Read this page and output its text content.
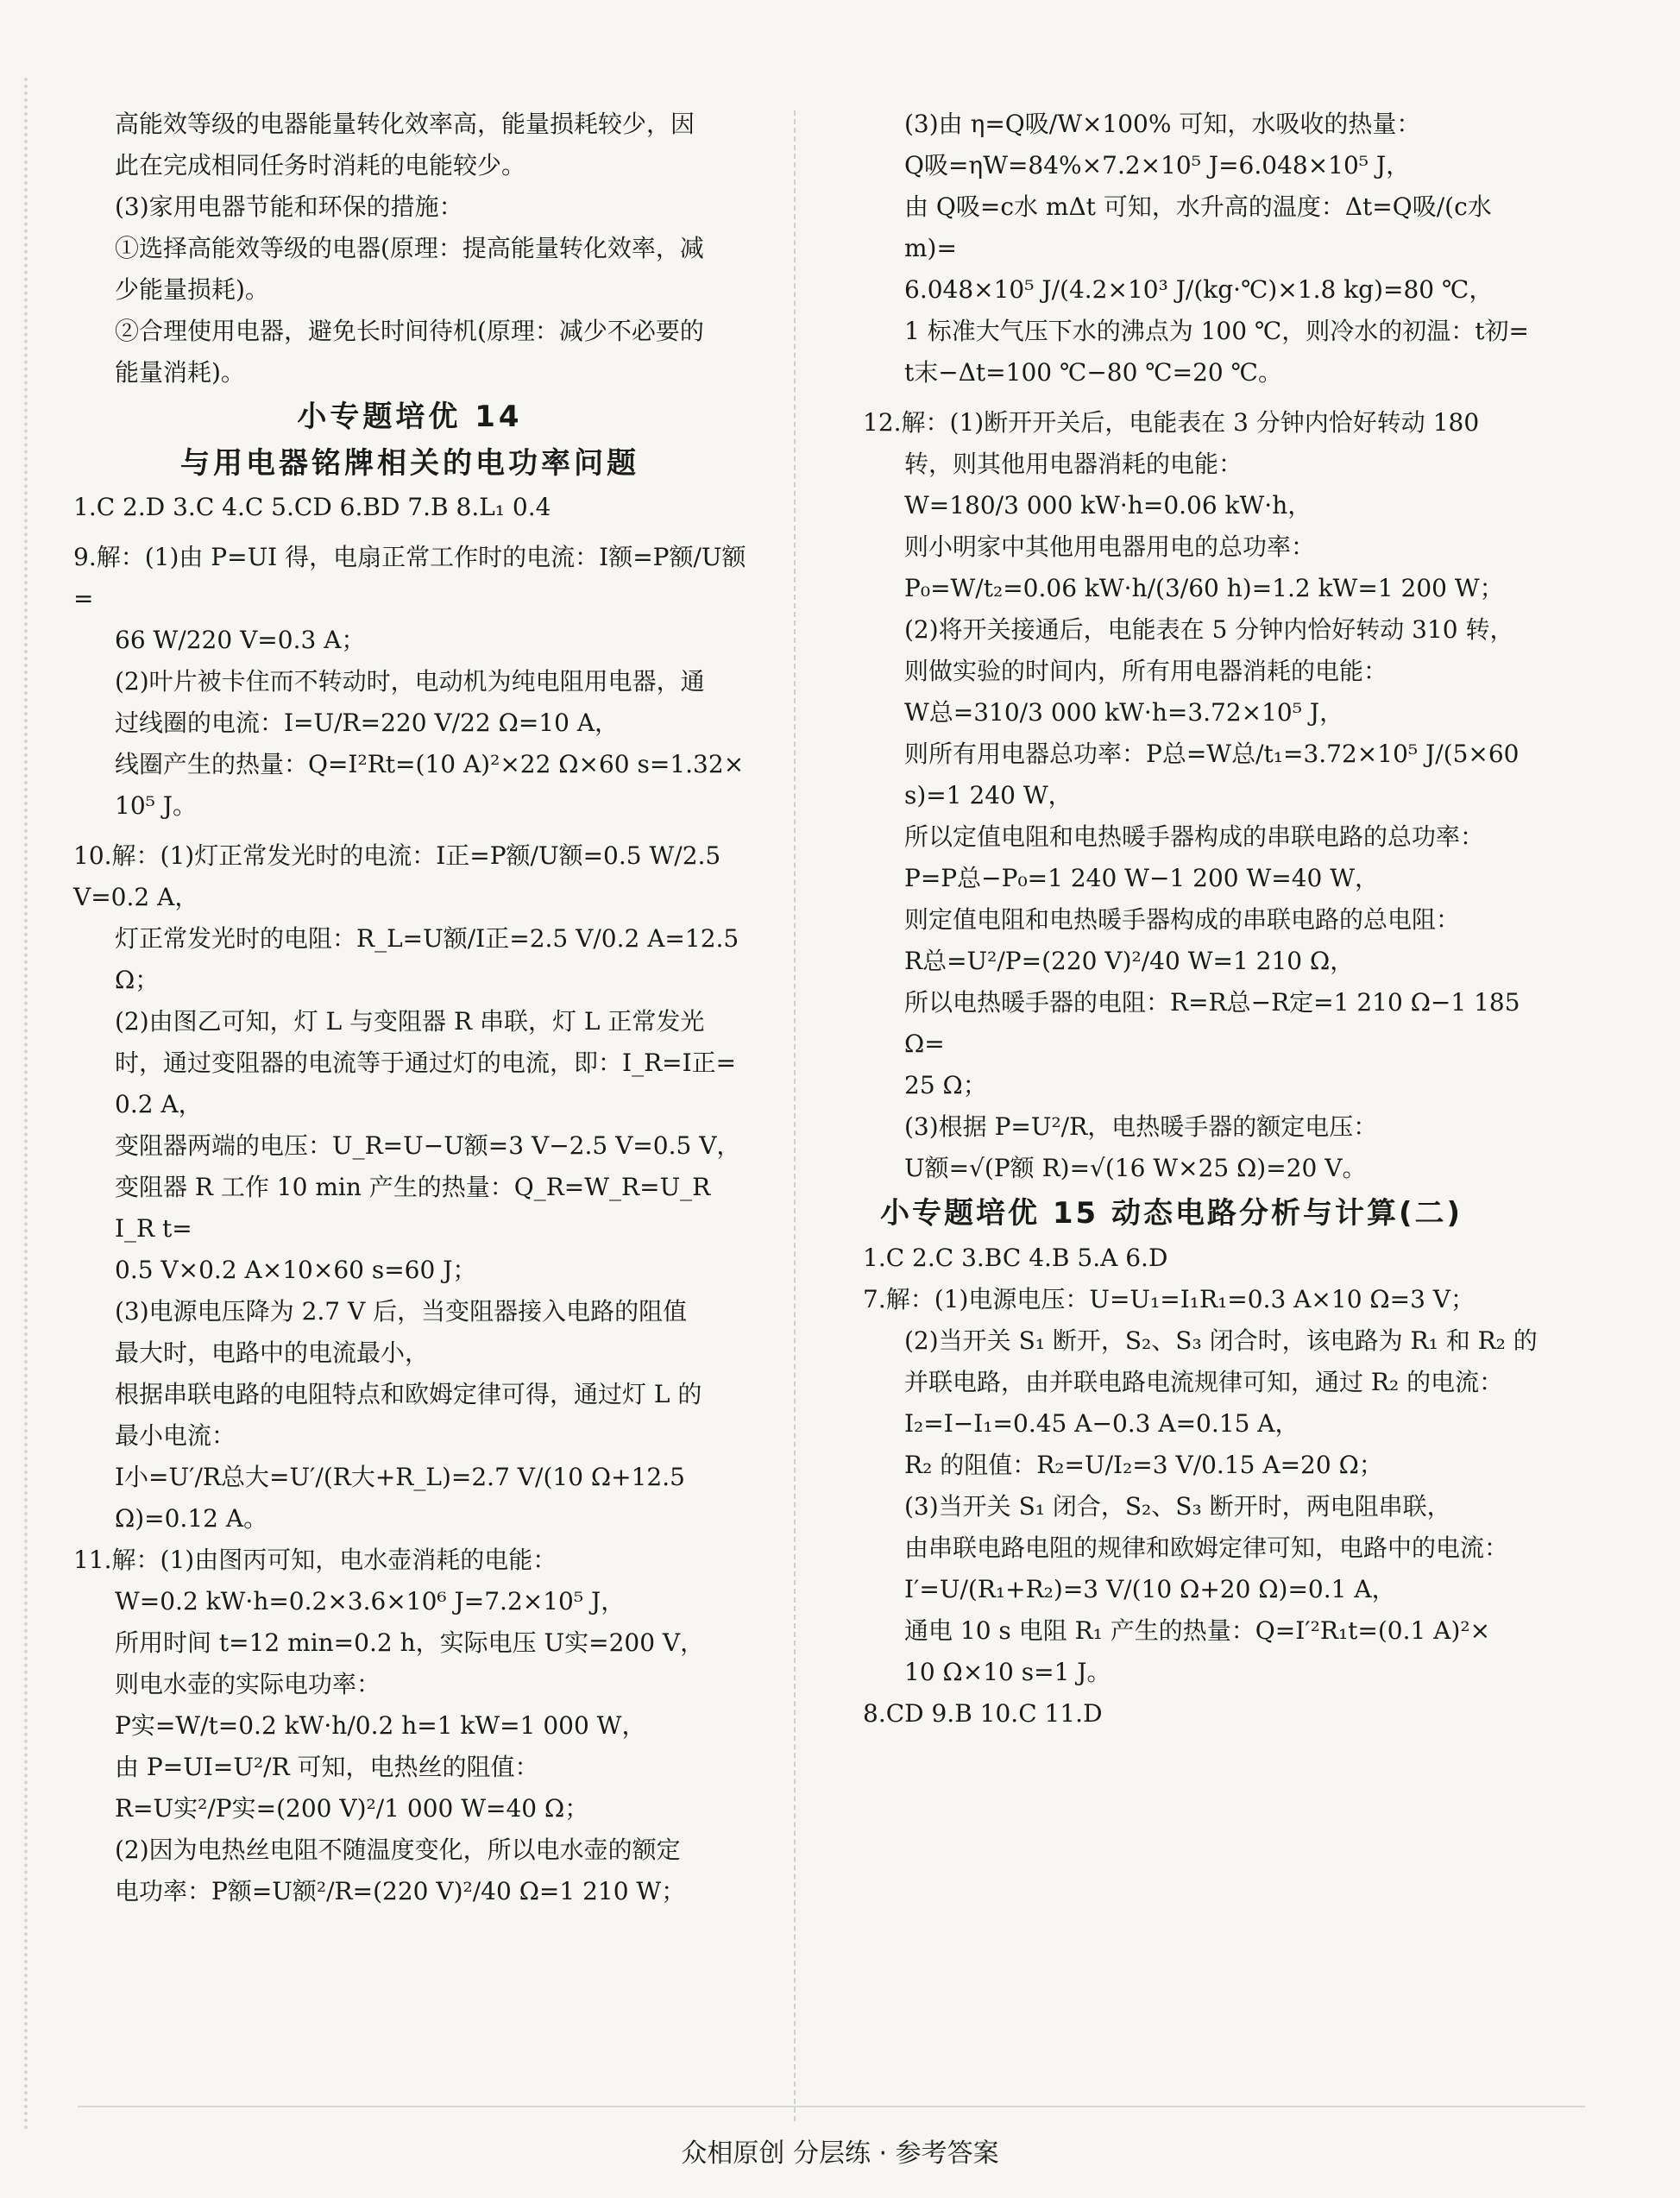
高能效等级的电器能量转化效率高，能量损耗较少，因
此在完成相同任务时消耗的电能较少。
(3)家用电器节能和环保的措施：
①选择高能效等级的电器(原理：提高能量转化效率，减
少能量损耗)。
②合理使用电器，避免长时间待机(原理：减少不必要的
能量消耗)。
小专题培优 14
与用电器铭牌相关的电功率问题
1.C 2.D 3.C 4.C 5.CD 6.BD 7.B 8.L₁ 0.4
9.解：(1)由 P=UI 得，电扇正常工作时的电流：I额=P额/U额=
66 W/220 V=0.3 A；
(2)叶片被卡住而不转动时，电动机为纯电阻用电器，通
过线圈的电流：I=U/R=220 V/22 Ω=10 A，
线圈产生的热量：Q=I²Rt=(10 A)²×22 Ω×60 s=1.32×
10⁵ J。
10.解：(1)灯正常发光时的电流：I正=P额/U额=0.5 W/2.5 V=0.2 A，
灯正常发光时的电阻：R_L=U额/I正=2.5 V/0.2 A=12.5 Ω；
(2)由图乙可知，灯 L 与变阻器 R 串联，灯 L 正常发光
时，通过变阻器的电流等于通过灯的电流，即：I_R=I正=
0.2 A，
变阻器两端的电压：U_R=U−U额=3 V−2.5 V=0.5 V，
变阻器 R 工作 10 min 产生的热量：Q_R=W_R=U_R I_R t=
0.5 V×0.2 A×10×60 s=60 J；
(3)电源电压降为 2.7 V 后，当变阻器接入电路的阻值
最大时，电路中的电流最小，
根据串联电路的电阻特点和欧姆定律可得，通过灯 L 的
最小电流：
I小=U′/R总大=U′/(R大+R_L)=2.7 V/(10 Ω+12.5 Ω)=0.12 A。
11.解：(1)由图丙可知，电水壶消耗的电能：
W=0.2 kW·h=0.2×3.6×10⁶ J=7.2×10⁵ J，
所用时间 t=12 min=0.2 h，实际电压 U实=200 V，
则电水壶的实际电功率：
P实=W/t=0.2 kW·h/0.2 h=1 kW=1 000 W，
由 P=UI=U²/R 可知，电热丝的阻值：
R=U实²/P实=(200 V)²/1 000 W=40 Ω；
(2)因为电热丝电阻不随温度变化，所以电水壶的额定
电功率：P额=U额²/R=(220 V)²/40 Ω=1 210 W；
(3)由 η=Q吸/W×100% 可知，水吸收的热量：
Q吸=ηW=84%×7.2×10⁵ J=6.048×10⁵ J，
由 Q吸=c水 mΔt 可知，水升高的温度：Δt=Q吸/(c水 m)=
6.048×10⁵ J/(4.2×10³ J/(kg·℃)×1.8 kg)=80 ℃，
1 标准大气压下水的沸点为 100 ℃，则冷水的初温：t初=
t末−Δt=100 ℃−80 ℃=20 ℃。
12.解：(1)断开开关后，电能表在 3 分钟内恰好转动 180
转，则其他用电器消耗的电能：
W=180/3 000 kW·h=0.06 kW·h，
则小明家中其他用电器用电的总功率：
P₀=W/t₂=0.06 kW·h/(3/60 h)=1.2 kW=1 200 W；
(2)将开关接通后，电能表在 5 分钟内恰好转动 310 转，
则做实验的时间内，所有用电器消耗的电能：
W总=310/3 000 kW·h=3.72×10⁵ J，
则所有用电器总功率：P总=W总/t₁=3.72×10⁵ J/(5×60 s)=1 240 W，
所以定值电阻和电热暖手器构成的串联电路的总功率：
P=P总−P₀=1 240 W−1 200 W=40 W，
则定值电阻和电热暖手器构成的串联电路的总电阻：
R总=U²/P=(220 V)²/40 W=1 210 Ω，
所以电热暖手器的电阻：R=R总−R定=1 210 Ω−1 185 Ω=
25 Ω；
(3)根据 P=U²/R，电热暖手器的额定电压：
U额=√(P额 R)=√(16 W×25 Ω)=20 V。
小专题培优 15 动态电路分析与计算(二)
1.C 2.C 3.BC 4.B 5.A 6.D
7.解：(1)电源电压：U=U₁=I₁R₁=0.3 A×10 Ω=3 V；
(2)当开关 S₁ 断开，S₂、S₃ 闭合时，该电路为 R₁ 和 R₂ 的
并联电路，由并联电路电流规律可知，通过 R₂ 的电流：
I₂=I−I₁=0.45 A−0.3 A=0.15 A，
R₂ 的阻值：R₂=U/I₂=3 V/0.15 A=20 Ω；
(3)当开关 S₁ 闭合，S₂、S₃ 断开时，两电阻串联，
由串联电路电阻的规律和欧姆定律可知，电路中的电流：
I′=U/(R₁+R₂)=3 V/(10 Ω+20 Ω)=0.1 A，
通电 10 s 电阻 R₁ 产生的热量：Q=I′²R₁t=(0.1 A)²×
10 Ω×10 s=1 J。
8.CD 9.B 10.C 11.D
众相原创 分层练 · 参考答案
